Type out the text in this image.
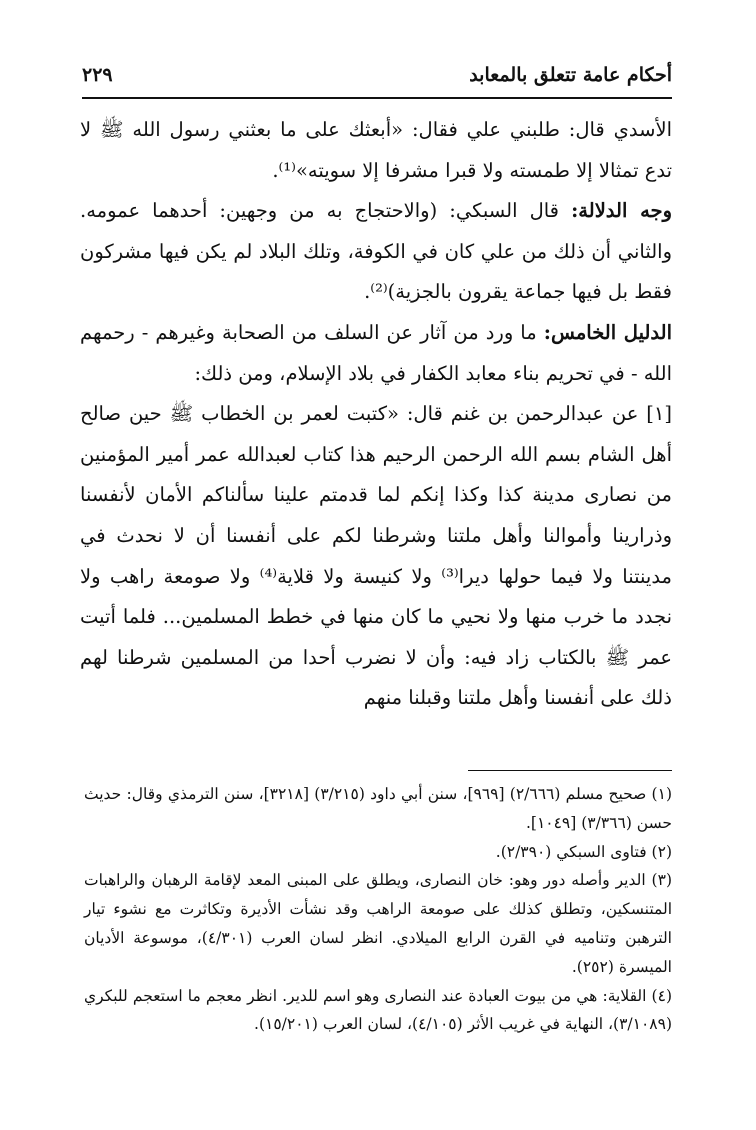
أحكام عامة تتعلق بالمعابد
٢٢٩

الأسدي قال: طلبني علي فقال: «أبعثك على ما بعثني رسول الله ﷺ لا تدع تمثالا إلا طمسته ولا قبرا مشرفا إلا سويته»⁽¹⁾.

وجه الدلالة: قال السبكي: (والاحتجاج به من وجهين: أحدهما عمومه. والثاني أن ذلك من علي كان في الكوفة، وتلك البلاد لم يكن فيها مشركون فقط بل فيها جماعة يقرون بالجزية)⁽²⁾.

الدليل الخامس: ما ورد من آثار عن السلف من الصحابة وغيرهم - رحمهم الله - في تحريم بناء معابد الكفار في بلاد الإسلام، ومن ذلك:

[١] عن عبدالرحمن بن غنم قال: «كتبت لعمر بن الخطاب ﷺ حين صالح أهل الشام بسم الله الرحمن الرحيم هذا كتاب لعبدالله عمر أمير المؤمنين من نصارى مدينة كذا وكذا إنكم لما قدمتم علينا سألناكم الأمان لأنفسنا وذرارينا وأموالنا وأهل ملتنا وشرطنا لكم على أنفسنا أن لا نحدث في مدينتنا ولا فيما حولها ديرا⁽³⁾ ولا كنيسة ولا قلاية⁽⁴⁾ ولا صومعة راهب ولا نجدد ما خرب منها ولا نحيي ما كان منها في خطط المسلمين... فلما أتيت عمر ﷺ بالكتاب زاد فيه: وأن لا نضرب أحدا من المسلمين شرطنا لهم ذلك على أنفسنا وأهل ملتنا وقبلنا منهم

(١) صحيح مسلم (٢/٦٦٦) [٩٦٩]، سنن أبي داود (٣/٢١٥) [٣٢١٨]، سنن الترمذي وقال: حديث حسن (٣/٣٦٦) [١٠٤٩].

(٢) فتاوى السبكي (٢/٣٩٠).

(٣) الدير وأصله دور وهو: خان النصارى، ويطلق على المبنى المعد لإقامة الرهبان والراهبات المتنسكين، وتطلق كذلك على صومعة الراهب وقد نشأت الأديرة وتكاثرت مع نشوء تيار الترهبن وتناميه في القرن الرابع الميلادي. انظر لسان العرب (٤/٣٠١)، موسوعة الأديان الميسرة (٢٥٢).

(٤) القلاية: هي من بيوت العبادة عند النصارى وهو اسم للدير. انظر معجم ما استعجم للبكري (٣/١٠٨٩)، النهاية في غريب الأثر (٤/١٠٥)، لسان العرب (١٥/٢٠١).
